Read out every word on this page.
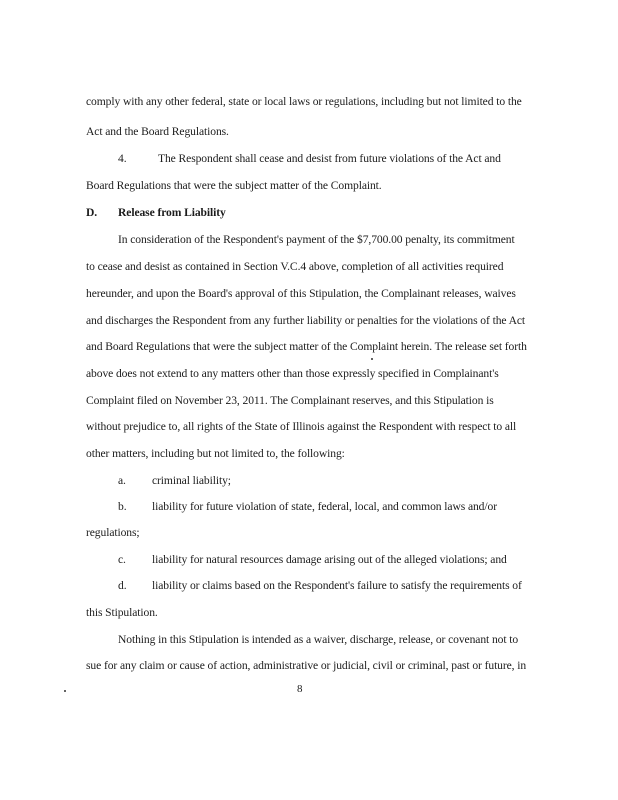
comply with any other federal, state or local laws or regulations, including but not limited to the
Act and the Board Regulations.
4.	The Respondent shall cease and desist from future violations of the Act and
Board Regulations that were the subject matter of the Complaint.
D. Release from Liability
In consideration of the Respondent's payment of the $7,700.00 penalty, its commitment
to cease and desist as contained in Section V.C.4 above, completion of all activities required
hereunder, and upon the Board's approval of this Stipulation, the Complainant releases, waives
and discharges the Respondent from any further liability or penalties for the violations of the Act
and Board Regulations that were the subject matter of the Complaint herein. The release set forth
above does not extend to any matters other than those expressly specified in Complainant's
Complaint filed on November 23, 2011. The Complainant reserves, and this Stipulation is
without prejudice to, all rights of the State of Illinois against the Respondent with respect to all
other matters, including but not limited to, the following:
a. criminal liability;
b. liability for future violation of state, federal, local, and common laws and/or
regulations;
c. liability for natural resources damage arising out of the alleged violations; and
d. liability or claims based on the Respondent's failure to satisfy the requirements of
this Stipulation.
Nothing in this Stipulation is intended as a waiver, discharge, release, or covenant not to
sue for any claim or cause of action, administrative or judicial, civil or criminal, past or future, in
8
